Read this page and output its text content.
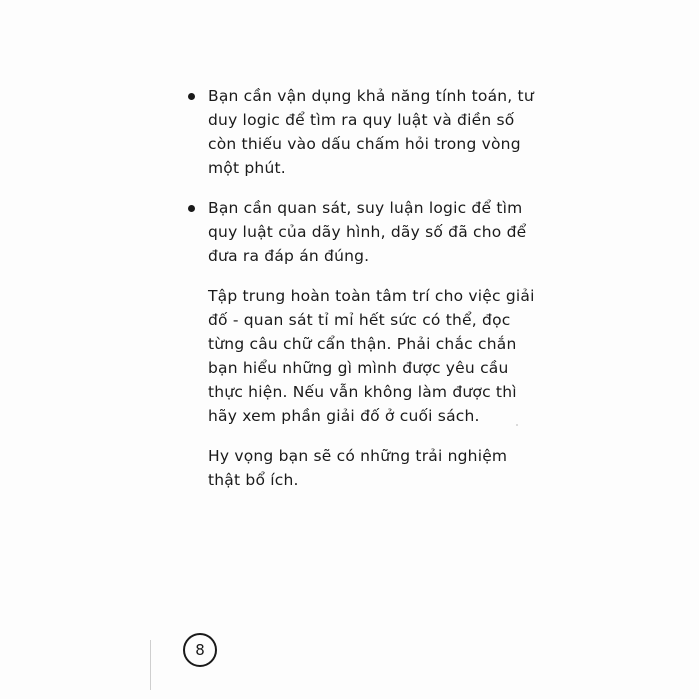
Bạn cần vận dụng khả năng tính toán, tư duy logic để tìm ra quy luật và điền số còn thiếu vào dấu chấm hỏi trong vòng một phút.
Bạn cần quan sát, suy luận logic để tìm quy luật của dãy hình, dãy số đã cho để đưa ra đáp án đúng.

Tập trung hoàn toàn tâm trí cho việc giải đố - quan sát tỉ mỉ hết sức có thể, đọc từng câu chữ cẩn thận. Phải chắc chắn bạn hiểu những gì mình được yêu cầu thực hiện. Nếu vẫn không làm được thì hãy xem phần giải đố ở cuối sách.

Hy vọng bạn sẽ có những trải nghiệm thật bổ ích.

8
